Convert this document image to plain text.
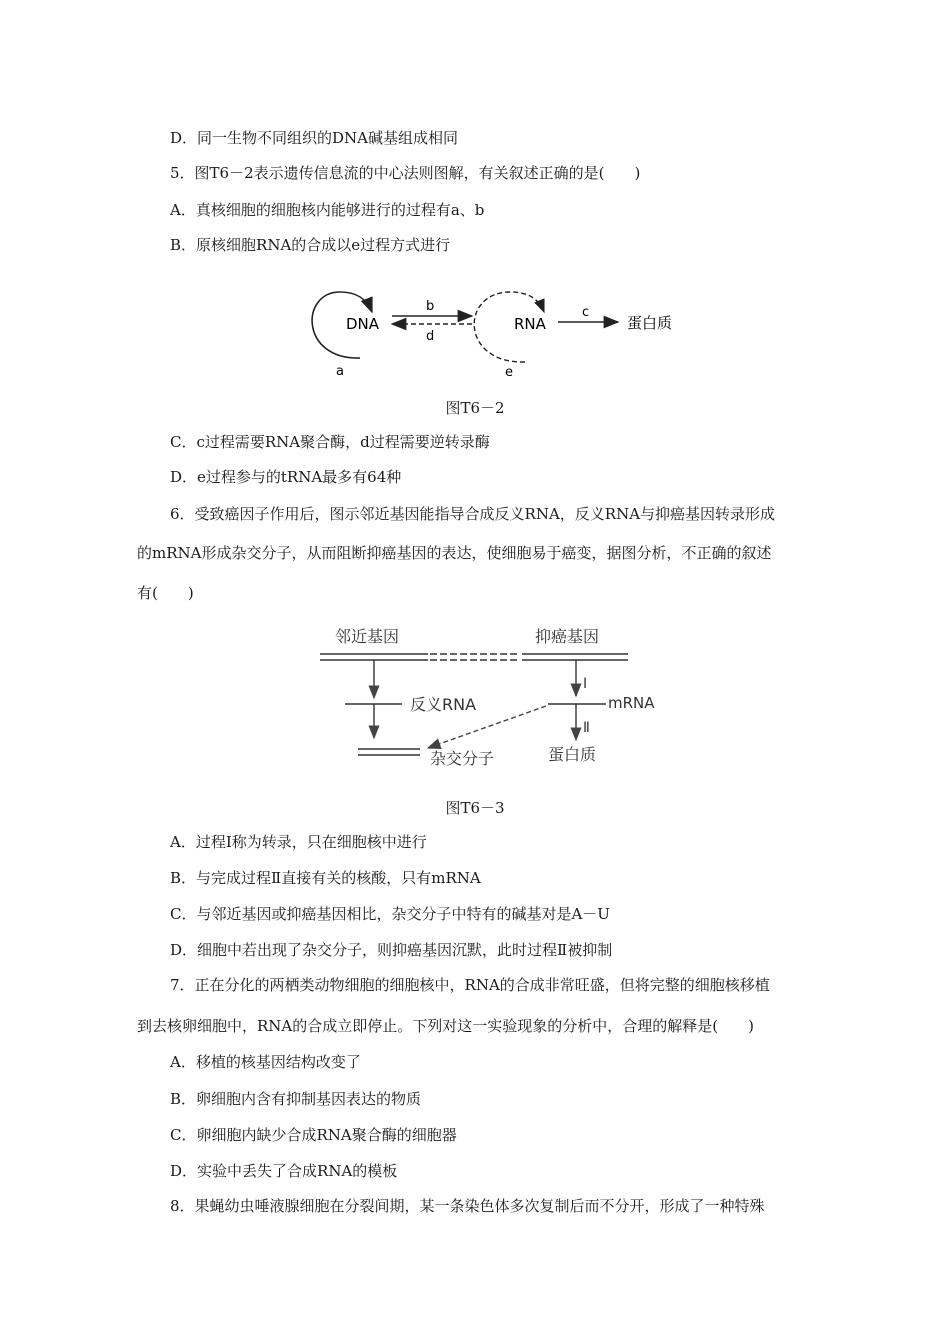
D．同一生物不同组织的DNA碱基组成相同
5．图T6－2表示遗传信息流的中心法则图解，有关叙述正确的是(　　)
A．真核细胞的细胞核内能够进行的过程有a、b
B．原核细胞RNA的合成以e过程方式进行
DNA
a
b
d
RNA
e
c
蛋白质
图T6－2
C．c过程需要RNA聚合酶，d过程需要逆转录酶
D．e过程参与的tRNA最多有64种
6．受致癌因子作用后，图示邻近基因能指导合成反义RNA，反义RNA与抑癌基因转录形成
的mRNA形成杂交分子，从而阻断抑癌基因的表达，使细胞易于癌变，据图分析，不正确的叙述
有(　　)
邻近基因	抑癌基因
反义RNA
杂交分子
Ⅰ
mRNA
Ⅱ
蛋白质
图T6－3
A．过程Ⅰ称为转录，只在细胞核中进行
B．与完成过程Ⅱ直接有关的核酸，只有mRNA
C．与邻近基因或抑癌基因相比，杂交分子中特有的碱基对是A－U
D．细胞中若出现了杂交分子，则抑癌基因沉默，此时过程Ⅱ被抑制
7．正在分化的两栖类动物细胞的细胞核中，RNA的合成非常旺盛，但将完整的细胞核移植
到去核卵细胞中，RNA的合成立即停止。下列对这一实验现象的分析中，合理的解释是(　　)
A．移植的核基因结构改变了
B．卵细胞内含有抑制基因表达的物质
C．卵细胞内缺少合成RNA聚合酶的细胞器
D．实验中丢失了合成RNA的模板
8．果蝇幼虫唾液腺细胞在分裂间期，某一条染色体多次复制后而不分开，形成了一种特殊
